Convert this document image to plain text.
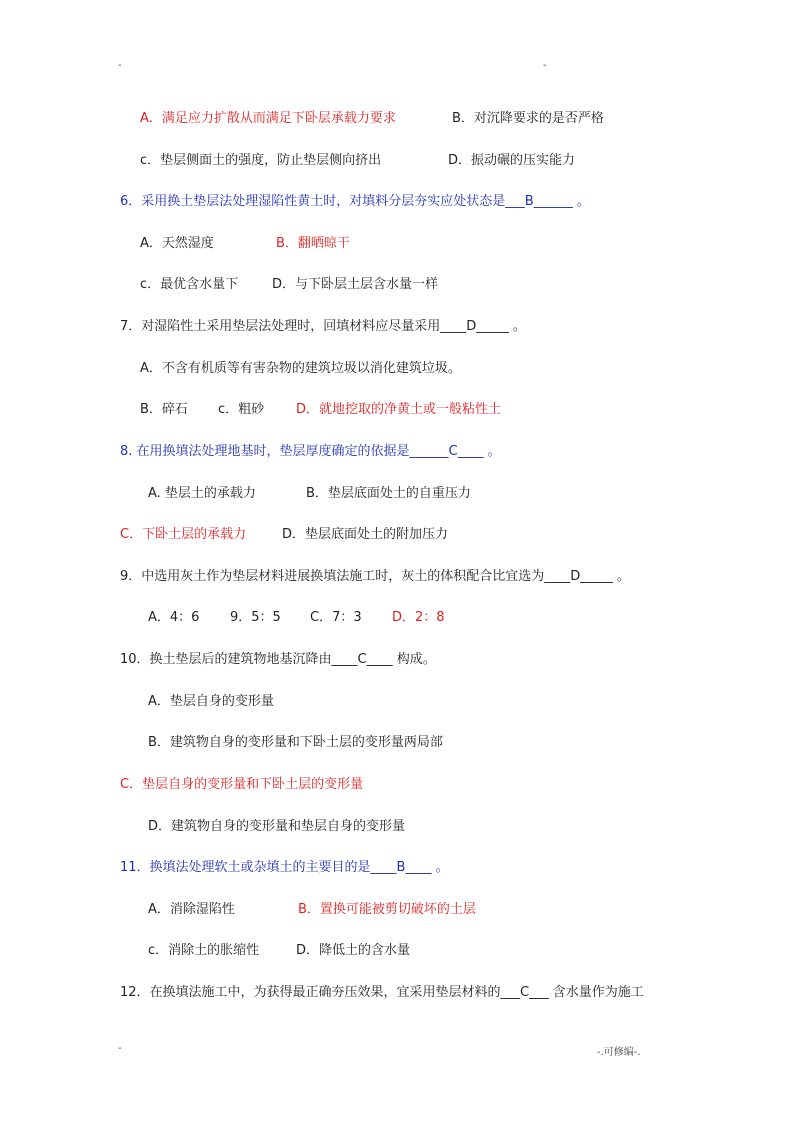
-	-
A．满足应力扩散从而满足下卧层承载力要求	B．对沉降要求的是否严格
c．垫层侧面土的强度，防止垫层侧向挤出	D．振动碾的压实能力
6．采用换土垫层法处理湿陷性黄土时，对填料分层夯实应处状态是___B______ 。
A．天然湿度	B．翻晒晾干
c．最优含水量下	D．与下卧层土层含水量一样
7．对湿陷性土采用垫层法处理时，回填材料应尽量采用____D_____ 。
A．不含有机质等有害杂物的建筑垃圾以消化建筑垃圾。
B．碎石 c．粗砂 D．就地挖取的净黄土或一般粘性土
8. 在用换填法处理地基时，垫层厚度确定的依据是______C____ 。
A. 垫层土的承载力	B．垫层底面处土的自重压力
C．下卧土层的承载力	D．垫层底面处土的附加压力
9．中选用灰土作为垫层材料进展换填法施工时，灰土的体积配合比宜选为____D_____ 。
A．4：6 9．5：5 C．7：3 D．2：8
10．换土垫层后的建筑物地基沉降由____C____ 构成。
A．垫层自身的变形量
B．建筑物自身的变形量和下卧土层的变形量两局部
C．垫层自身的变形量和下卧土层的变形量
D．建筑物自身的变形量和垫层自身的变形量
11．换填法处理软土或杂填土的主要目的是____B____ 。
A．消除湿陷性	B．置换可能被剪切破坏的土层
c．消除土的胀缩性	D．降低土的含水量
12．在换填法施工中，为获得最正确夯压效果，宜采用垫层材料的___C___ 含水量作为施工
-	-.可修编-.
